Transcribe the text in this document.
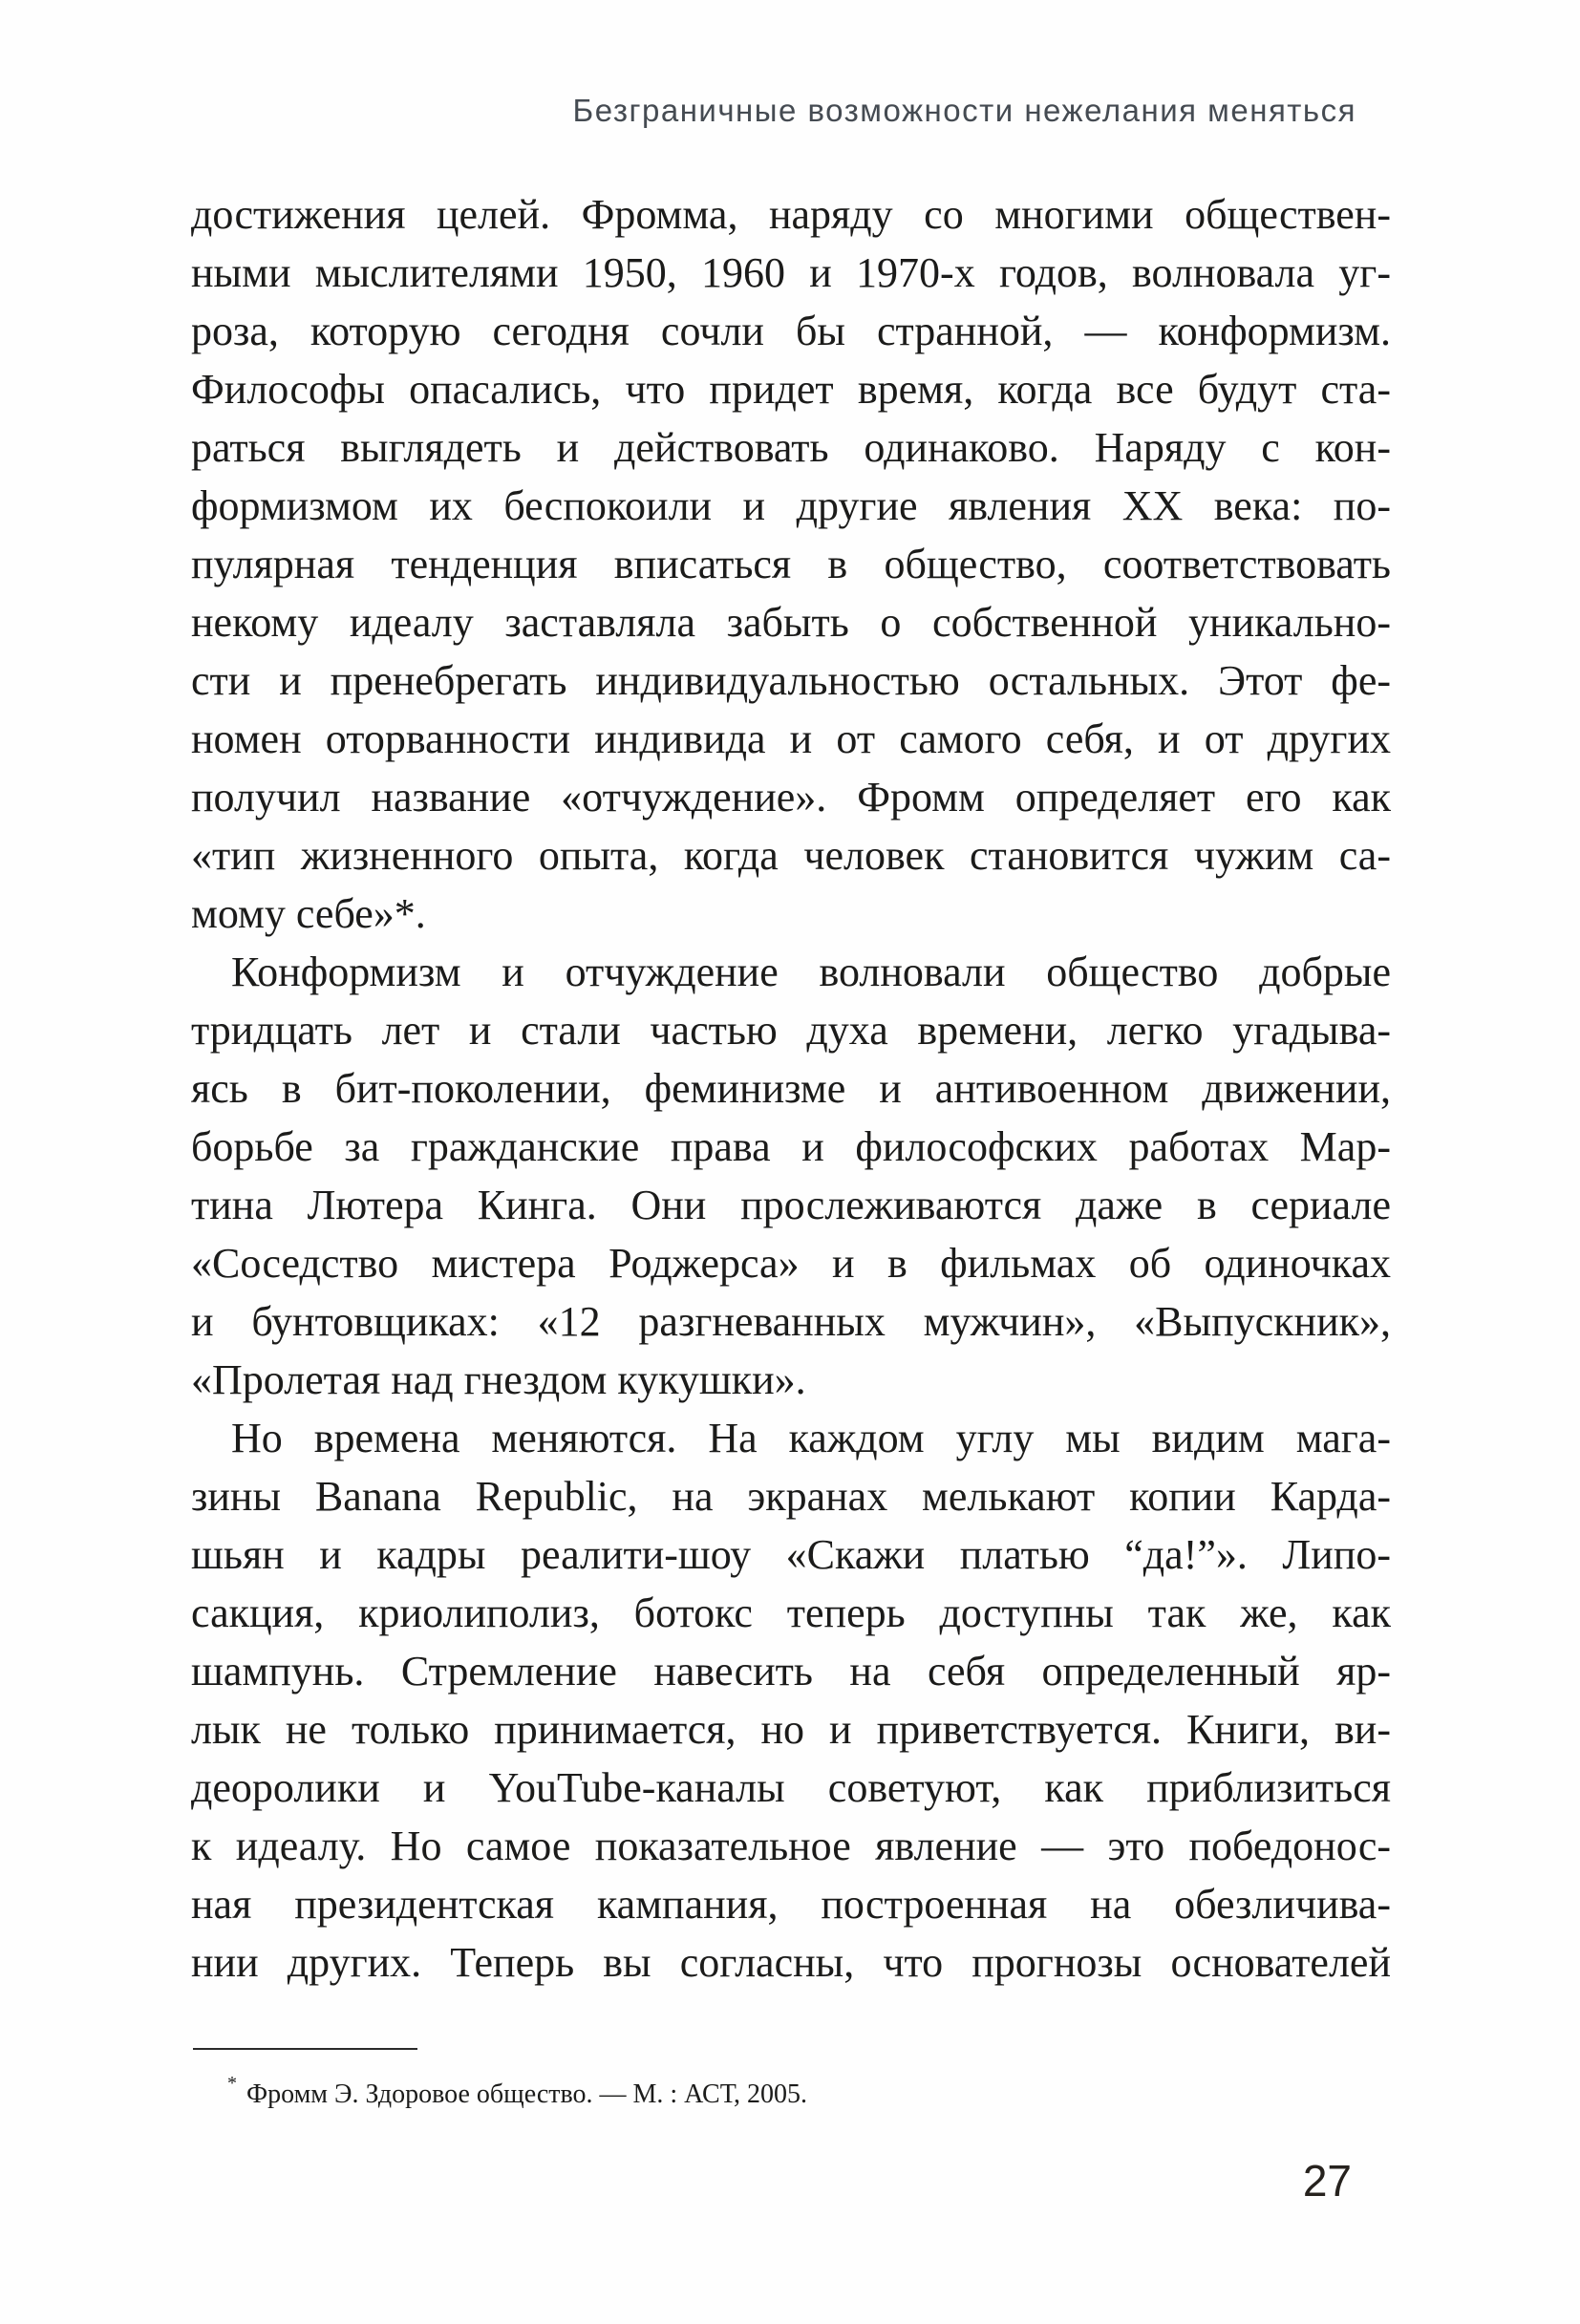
Безграничные возможности нежелания меняться
достижения целей. Фромма, наряду со многими обществен-
ными мыслителями 1950, 1960 и 1970-х годов, волновала уг-
роза, которую сегодня сочли бы странной, — конформизм.
Философы опасались, что придет время, когда все будут ста-
раться выглядеть и действовать одинаково. Наряду с кон-
формизмом их беспокоили и другие явления XX века: по-
пулярная тенденция вписаться в общество, соответствовать
некому идеалу заставляла забыть о собственной уникально-
сти и пренебрегать индивидуальностью остальных. Этот фе-
номен оторванности индивида и от самого себя, и от других
получил название «отчуждение». Фромм определяет его как
«тип жизненного опыта, когда человек становится чужим са-
мому себе»*.
Конформизм и отчуждение волновали общество добрые
тридцать лет и стали частью духа времени, легко угадыва-
ясь в бит-поколении, феминизме и антивоенном движении,
борьбе за гражданские права и философских работах Мар-
тина Лютера Кинга. Они прослеживаются даже в сериале
«Соседство мистера Роджерса» и в фильмах об одиночках
и бунтовщиках: «12 разгневанных мужчин», «Выпускник»,
«Пролетая над гнездом кукушки».
Но времена меняются. На каждом углу мы видим мага-
зины Banana Republic, на экранах мелькают копии Карда-
шьян и кадры реалити-шоу «Скажи платью “да!”». Липо-
сакция, криолиполиз, ботокс теперь доступны так же, как
шампунь. Стремление навесить на себя определенный яр-
лык не только принимается, но и приветствуется. Книги, ви-
деоролики и YouTube-каналы советуют, как приблизиться
к идеалу. Но самое показательное явление — это победонос-
ная президентская кампания, построенная на обезличива-
нии других. Теперь вы согласны, что прогнозы основателей
* Фромм Э. Здоровое общество. — М. : АСТ, 2005.
27
